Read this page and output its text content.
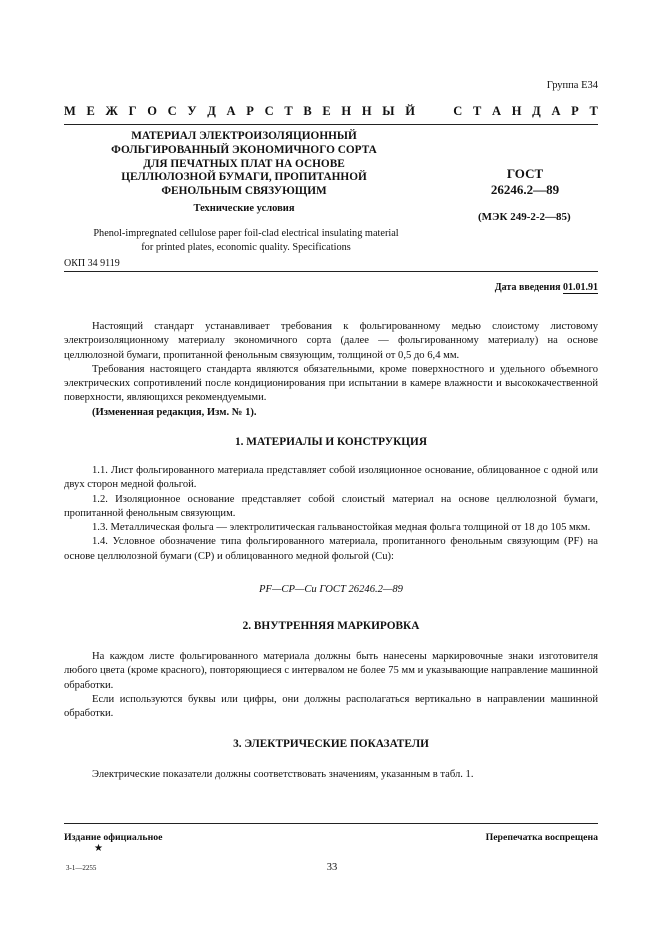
Группа Е34
М Е Ж Г О С У Д А Р С Т В Е Н Н Ы Й

	С Т А Н Д А Р Т
МАТЕРИАЛ ЭЛЕКТРОИЗОЛЯЦИОННЫЙ
ФОЛЬГИРОВАННЫЙ ЭКОНОМИЧНОГО СОРТА
ДЛЯ ПЕЧАТНЫХ ПЛАТ НА ОСНОВЕ
ЦЕЛЛЮЛОЗНОЙ БУМАГИ, ПРОПИТАННОЙ
ФЕНОЛЬНЫМ СВЯЗУЮЩИМ
Технические условия
ГОСТ
26246.2—89
(МЭК 249-2-2—85)
Phenol-impregnated cellulose paper foil-clad electrical insulating material
for printed plates, economic quality. Specifications
ОКП 34 9119
Дата введения 01.01.91

Настоящий стандарт устанавливает требования к фольгированному медью слоистому листовому электроизоляционному материалу экономичного сорта (далее — фольгированному материалу) на основе целлюлозной бумаги, пропитанной фенольным связующим, толщиной от 0,5 до 6,4 мм.

Требования настоящего стандарта являются обязательными, кроме поверхностного и удельного объемного электрических сопротивлений после кондиционирования при испытании в камере влажности и высококачественной поверхности, являющихся рекомендуемыми.

(Измененная редакция, Изм. № 1).

1. МАТЕРИАЛЫ И КОНСТРУКЦИЯ

1.1. Лист фольгированного материала представляет собой изоляционное основание, облицованное с одной или двух сторон медной фольгой.

1.2. Изоляционное основание представляет собой слоистый материал на основе целлюлозной бумаги, пропитанной фенольным связующим.

1.3. Металлическая фольга — электролитическая гальваностойкая медная фольга толщиной от 18 до 105 мкм.

1.4. Условное обозначение типа фольгированного материала, пропитанного фенольным связующим (PF) на основе целлюлозной бумаги (CP) и облицованного медной фольгой (Cu):

PF—CP—Cu ГОСТ 26246.2—89
2. ВНУТРЕННЯЯ МАРКИРОВКА

На каждом листе фольгированного материала должны быть нанесены маркировочные знаки изготовителя любого цвета (кроме красного), повторяющиеся с интервалом не более 75 мм и указывающие направление машинной обработки.

Если используются буквы или цифры, они должны располагаться вертикально в направлении машинной обработки.

3. ЭЛЕКТРИЧЕСКИЕ ПОКАЗАТЕЛИ

Электрические показатели должны соответствовать значениям, указанным в табл. 1.

Издание официальное
★
Перепечатка воспрещена
3-1—2255	33
